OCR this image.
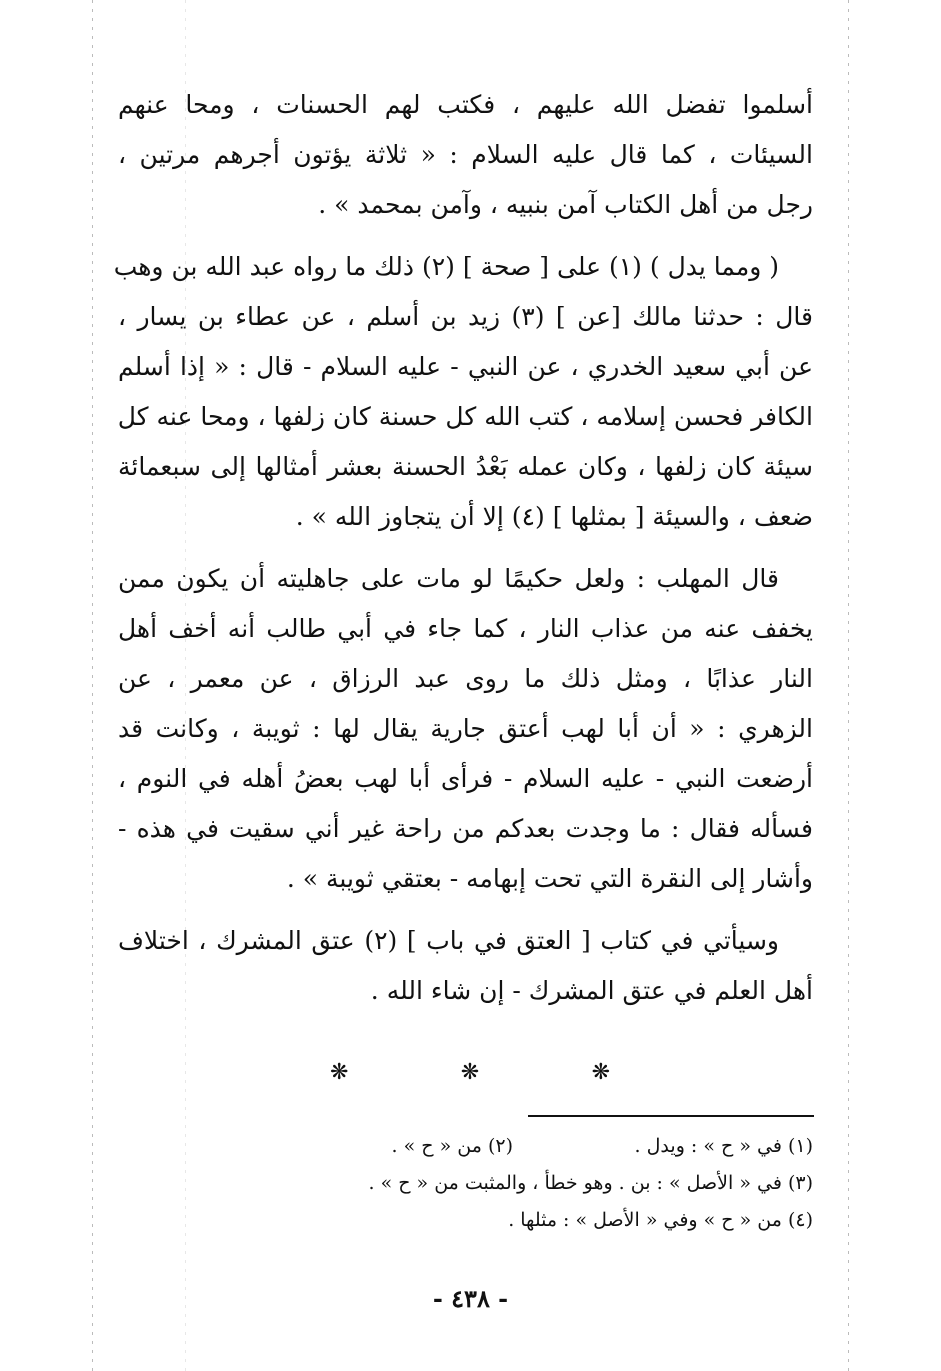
أسلموا تفضل الله عليهم ، فكتب لهم الحسنات ، ومحا عنهم
السيئات ، كما قال عليه السلام : « ثلاثة يؤتون أجرهم مرتين ،
رجل من أهل الكتاب آمن بنبيه ، وآمن بمحمد » .

( ومما يدل ) (١) على [ صحة ] (٢) ذلك ما رواه عبد الله بن وهب
قال : حدثنا مالك [عن ] (٣) زيد بن أسلم ، عن عطاء بن يسار ،
عن أبي سعيد الخدري ، عن النبي - عليه السلام - قال : « إذا أسلم
الكافر فحسن إسلامه ، كتب الله كل حسنة كان زلفها ، ومحا عنه كل
سيئة كان زلفها ، وكان عمله بَعْدُ الحسنة بعشر أمثالها إلى سبعمائة
ضعف ، والسيئة [ بمثلها ] (٤) إلا أن يتجاوز الله » .

قال المهلب : ولعل حكيمًا لو مات على جاهليته أن يكون ممن
يخفف عنه من عذاب النار ، كما جاء في أبي طالب أنه أخف أهل
النار عذابًا ، ومثل ذلك ما روى عبد الرزاق ، عن معمر ، عن
الزهري : « أن أبا لهب أعتق جارية يقال لها : ثويبة ، وكانت قد
أرضعت النبي - عليه السلام - فرأى أبا لهب بعضُ أهله في النوم ،
فسأله فقال : ما وجدت بعدكم من راحة غير أني سقيت في هذه -
وأشار إلى النقرة التي تحت إبهامه - بعتقي ثويبة » .

وسيأتي في كتاب [ العتق في باب ] (٢) عتق المشرك ، اختلاف
أهل العلم في عتق المشرك - إن شاء الله .

❋	❋	❋
(١) في « ح » : ويدل .
(٢) من « ح » .
(٣) في « الأصل » : بن . وهو خطأ ، والمثبت من « ح » .
(٤) من « ح » وفي « الأصل » : مثلها .
- ٤٣٨ -
